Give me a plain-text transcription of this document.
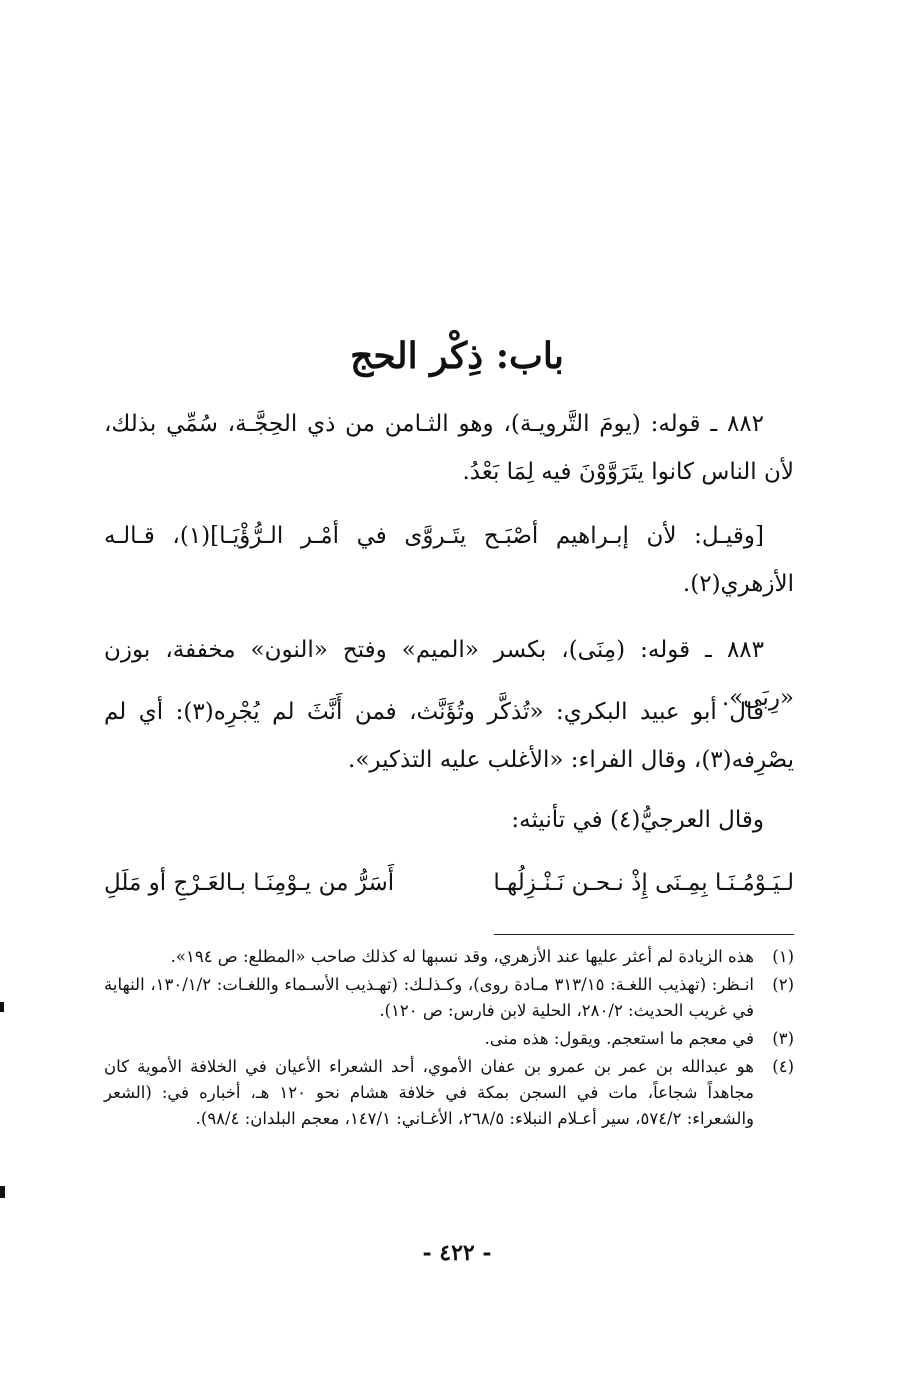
باب: ذِكْر الحج

٨٨٢ ـ قوله: (يومَ التَّرويـة)، وهو الثـامن من ذي الحِجَّـة، سُمِّي بذلك، لأن الناس كانوا يتَرَوَّوْنَ فيه لِمَا بَعْدُ.

[وقيـل: لأن إبـراهيم أصْبَـح يتَـروَّى في أمْـر الـرُّؤْيَـا](١)، قـالـه الأزهري(٢).

٨٨٣ ـ قوله: (مِنَى)، بكسر «الميم» وفتح «النون» مخففة، بوزن «رِبَى».

قال أبو عبيد البكري: «تُذكَّر وتُؤَنَّث، فمن أَنَّثَ لم يُجْرِه(٣): أي لم يصْرِفه(٣)، وقال الفراء: «الأغلب عليه التذكير».

وقال العرجيُّ(٤) في تأنيثه:

لـيَـوْمُـنَـا بِمِـنَى إِذْ نـحـن نَـنْـزِلُهـا
أَسَرُّ من يـوْمِنَـا بـالعَـرْجِ أو مَلَلِ
(١)
هذه الزيادة لم أعثر عليها عند الأزهري، وقد نسبها له كذلك صاحب «المطلع: ص ١٩٤».
(٢)
انـظر: (تهذيب اللغـة: ٣١٣/١٥ مـادة روى)، وكـذلـك: (تهـذيب الأسـماء واللغـات: ١٣٠/١/٢، النهاية في غريب الحديث: ٢٨٠/٢، الحلية لابن فارس: ص ١٢٠).
(٣)
في معجم ما استعجم. ويقول: هذه منى.
(٤)
هو عبدالله بن عمر بن عمرو بن عفان الأموي، أحد الشعراء الأعيان في الخلافة الأموية كان مجاهداً شجاعاً، مات في السجن بمكة في خلافة هشام نحو ١٢٠ هـ، أخباره في: (الشعر والشعراء: ٥٧٤/٢، سير أعـلام النبلاء: ٢٦٨/٥، الأغـاني: ١٤٧/١، معجم البلدان: ٩٨/٤).
- ٤٢٢ -
